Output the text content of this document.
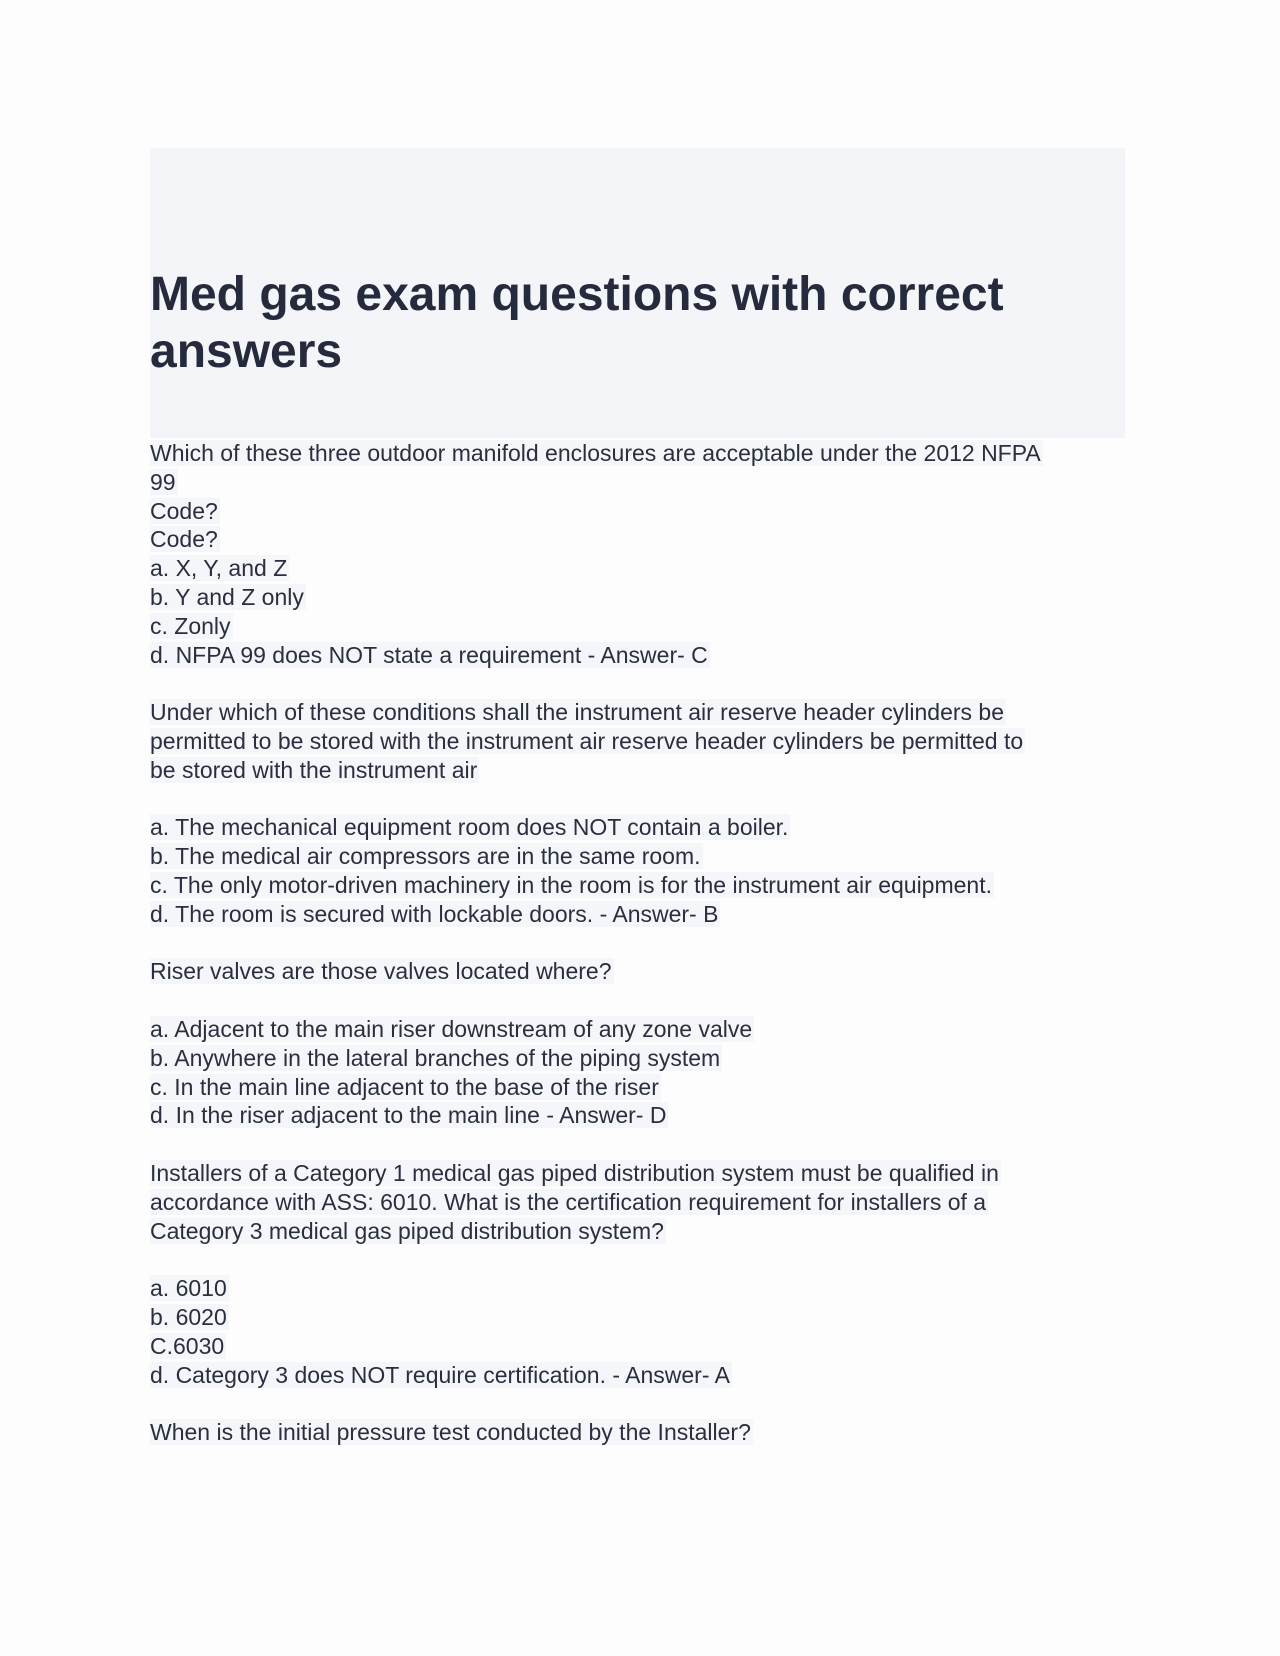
Med gas exam questions with correct answers
Which of these three outdoor manifold enclosures are acceptable under the 2012 NFPA
99
Code?
Code?
a. X, Y, and Z
b. Y and Z only
c. Zonly
d. NFPA 99 does NOT state a requirement - Answer- C
Under which of these conditions shall the instrument air reserve header cylinders be
permitted to be stored with the instrument air reserve header cylinders be permitted to
be stored with the instrument air
a. The mechanical equipment room does NOT contain a boiler.
b. The medical air compressors are in the same room.
c. The only motor-driven machinery in the room is for the instrument air equipment.
d. The room is secured with lockable doors. - Answer- B
Riser valves are those valves located where?
a. Adjacent to the main riser downstream of any zone valve
b. Anywhere in the lateral branches of the piping system
c. In the main line adjacent to the base of the riser
d. In the riser adjacent to the main line - Answer- D
Installers of a Category 1 medical gas piped distribution system must be qualified in
accordance with ASS: 6010. What is the certification requirement for installers of a
Category 3 medical gas piped distribution system?
a. 6010
b. 6020
C.6030
d. Category 3 does NOT require certification. - Answer- A
When is the initial pressure test conducted by the Installer?
